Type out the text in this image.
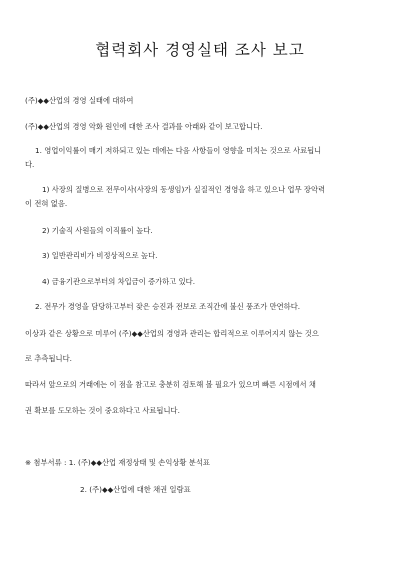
협력회사 경영실태 조사 보고
(주)◆◆산업의 경영 실태에 대하여
(주)◆◆산업의 경영 악화 원인에 대한 조사 결과를 아래와 같이 보고합니다.
1. 영업이익률이 매기 저하되고 있는 데에는 다음 사항들이 영향을 미치는 것으로 사료됩니
다.
1) 사장의 질병으로 전무이사(사장의 동생임)가 실질적인 경영을 하고 있으나 업무 장악력
이 전혀 없음.
2) 기술직 사원들의 이직률이 높다.
3) 일반관리비가 비정상적으로 높다.
4) 금융기관으로부터의 차입금이 증가하고 있다.
2. 전무가 경영을 담당하고부터 잦은 승진과 전보로 조직간에 불신 풍조가 만연하다.
이상과 같은 상황으로 미루어 (주)◆◆산업의 경영과 관리는 합리적으로 이루어지지 않는 것으
로 추측됩니다.
따라서 앞으로의 거래에는 이 점을 참고로 충분히 검토해 볼 필요가 있으며 빠른 시점에서 채
권 확보를 도모하는 것이 중요하다고 사료됩니다.
※ 첨부서류 : 1. (주)◆◆산업 재정상태 및 손익상황 분석표
2. (주)◆◆산업에 대한 채권 일람표
